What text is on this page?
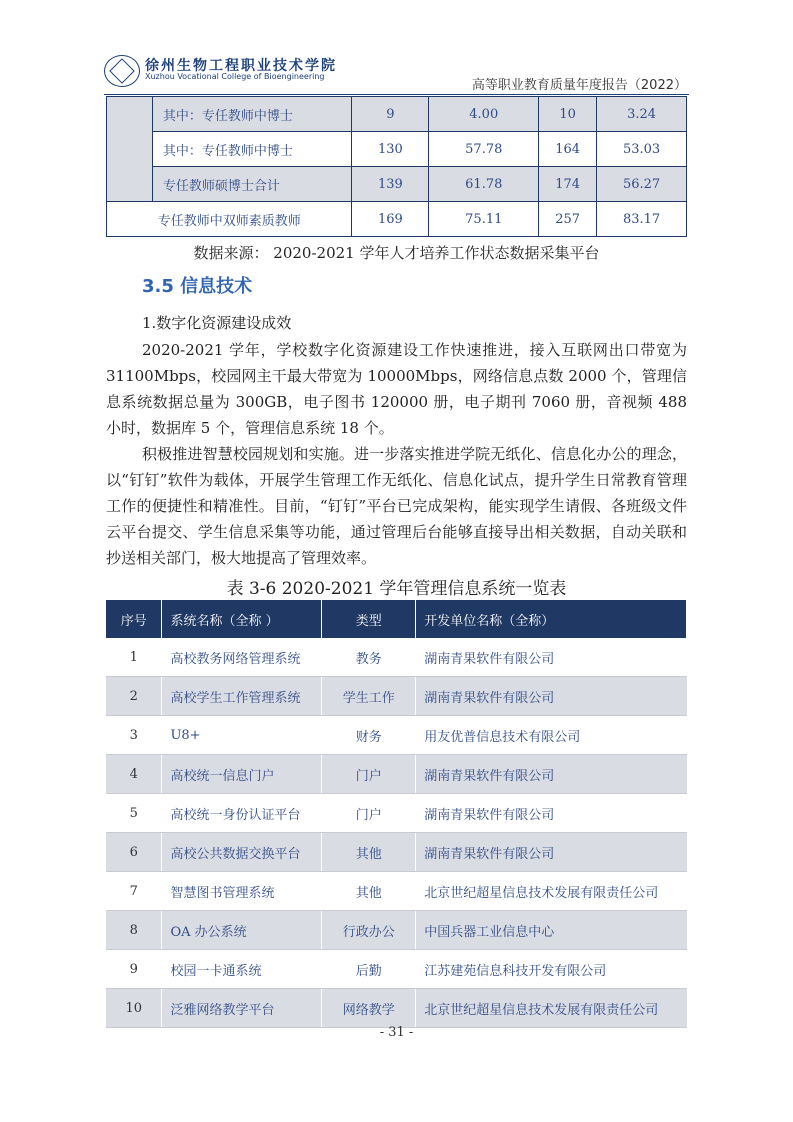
徐州生物工程职业技术学院
Xuzhou Vocational College of Bioengineering
高等职业教育质量年度报告（2022）
	其中：专任教师中博士	9	4.00	10	3.24
	其中：专任教师中博士	130	57.78	164	53.03
	专任教师硕博士合计	139	61.78	174	56.27
专任教师中双师素质教师		169	75.11	257	83.17
数据来源： 2020-2021 学年人才培养工作状态数据采集平台
3.5 信息技术
1.数字化资源建设成效

2020-2021 学年，学校数字化资源建设工作快速推进，接入互联网出口带宽为 31100Mbps，校园网主干最大带宽为 10000Mbps，网络信息点数 2000 个，管理信息系统数据总量为 300GB，电子图书 120000 册，电子期刊 7060 册，音视频 488 小时，数据库 5 个，管理信息系统 18 个。

积极推进智慧校园规划和实施。进一步落实推进学院无纸化、信息化办公的理念，以“钉钉”软件为载体，开展学生管理工作无纸化、信息化试点，提升学生日常教育管理工作的便捷性和精准性。目前，“钉钉”平台已完成架构，能实现学生请假、各班级文件云平台提交、学生信息采集等功能，通过管理后台能够直接导出相关数据，自动关联和抄送相关部门，极大地提高了管理效率。

表 3-6 2020-2021 学年管理信息系统一览表
序号	系统名称（全称 ）	类型	开发单位名称（全称）
1	高校教务网络管理系统	教务	湖南青果软件有限公司
2	高校学生工作管理系统	学生工作	湖南青果软件有限公司
3	U8+	财务	用友优普信息技术有限公司
4	高校统一信息门户	门户	湖南青果软件有限公司
5	高校统一身份认证平台	门户	湖南青果软件有限公司
6	高校公共数据交换平台	其他	湖南青果软件有限公司
7	智慧图书管理系统	其他	北京世纪超星信息技术发展有限责任公司
8	OA 办公系统	行政办公	中国兵器工业信息中心
9	校园一卡通系统	后勤	江苏建苑信息科技开发有限公司
10	泛雅网络教学平台	网络教学	北京世纪超星信息技术发展有限责任公司
- 31 -
